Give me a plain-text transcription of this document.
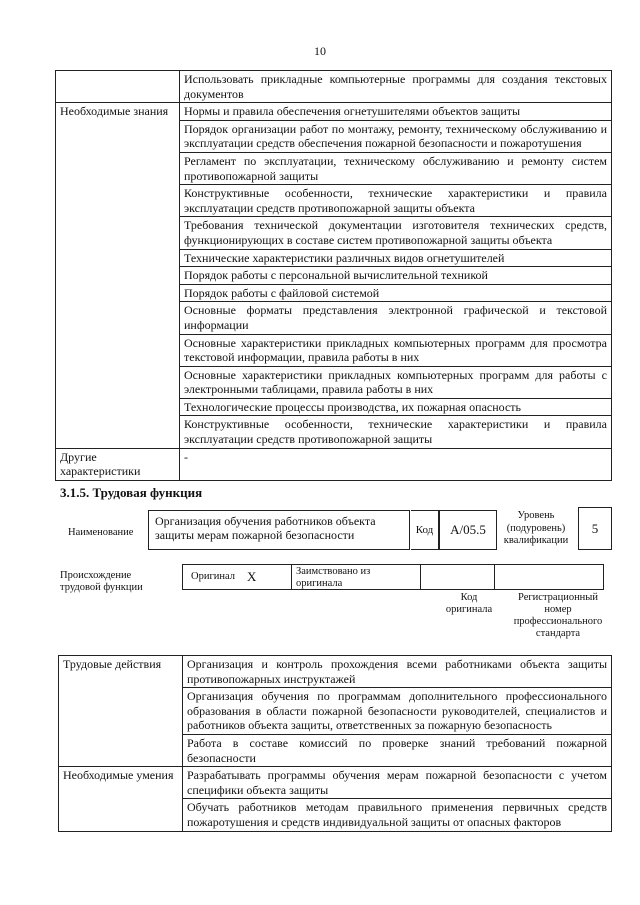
10
	Использовать прикладные компьютерные программы для создания текстовых документов
Необходимые знания	Нормы и правила обеспечения огнетушителями объектов защиты
	Порядок организации работ по монтажу, ремонту, техническому обслуживанию и эксплуатации средств обеспечения пожарной безопасности и пожаротушения
	Регламент по эксплуатации, техническому обслуживанию и ремонту систем противопожарной защиты
	Конструктивные особенности, технические характеристики и правила эксплуатации средств противопожарной защиты объекта
	Требования технической документации изготовителя технических средств, функционирующих в составе систем противопожарной защиты объекта
	Технические характеристики различных видов огнетушителей
	Порядок работы с персональной вычислительной техникой
	Порядок работы с файловой системой
	Основные форматы представления электронной графической и текстовой информации
	Основные характеристики прикладных компьютерных программ для просмотра текстовой информации, правила работы в них
	Основные характеристики прикладных компьютерных программ для работы с электронными таблицами, правила работы в них
	Технологические процессы производства, их пожарная опасность
	Конструктивные особенности, технические характеристики и правила эксплуатации средств противопожарной защиты
Другие характеристики	-
3.1.5. Трудовая функция
Наименование
Организация обучения работников объекта защиты мерам пожарной безопасности	Код	А/05.5
Уровень (подуровень) квалификации
5
Происхождение трудовой функции
Оригинал X	Заимствовано из оригинала
Код оригинала
Регистрационный номер профессионального стандарта
Трудовые действия	Организация и контроль прохождения всеми работниками объекта защиты противопожарных инструктажей
	Организация обучения по программам дополнительного профессионального образования в области пожарной безопасности руководителей, специалистов и работников объекта защиты, ответственных за пожарную безопасность
	Работа в составе комиссий по проверке знаний требований пожарной безопасности
Необходимые умения	Разрабатывать программы обучения мерам пожарной безопасности с учетом специфики объекта защиты
	Обучать работников методам правильного применения первичных средств пожаротушения и средств индивидуальной защиты от опасных факторов
